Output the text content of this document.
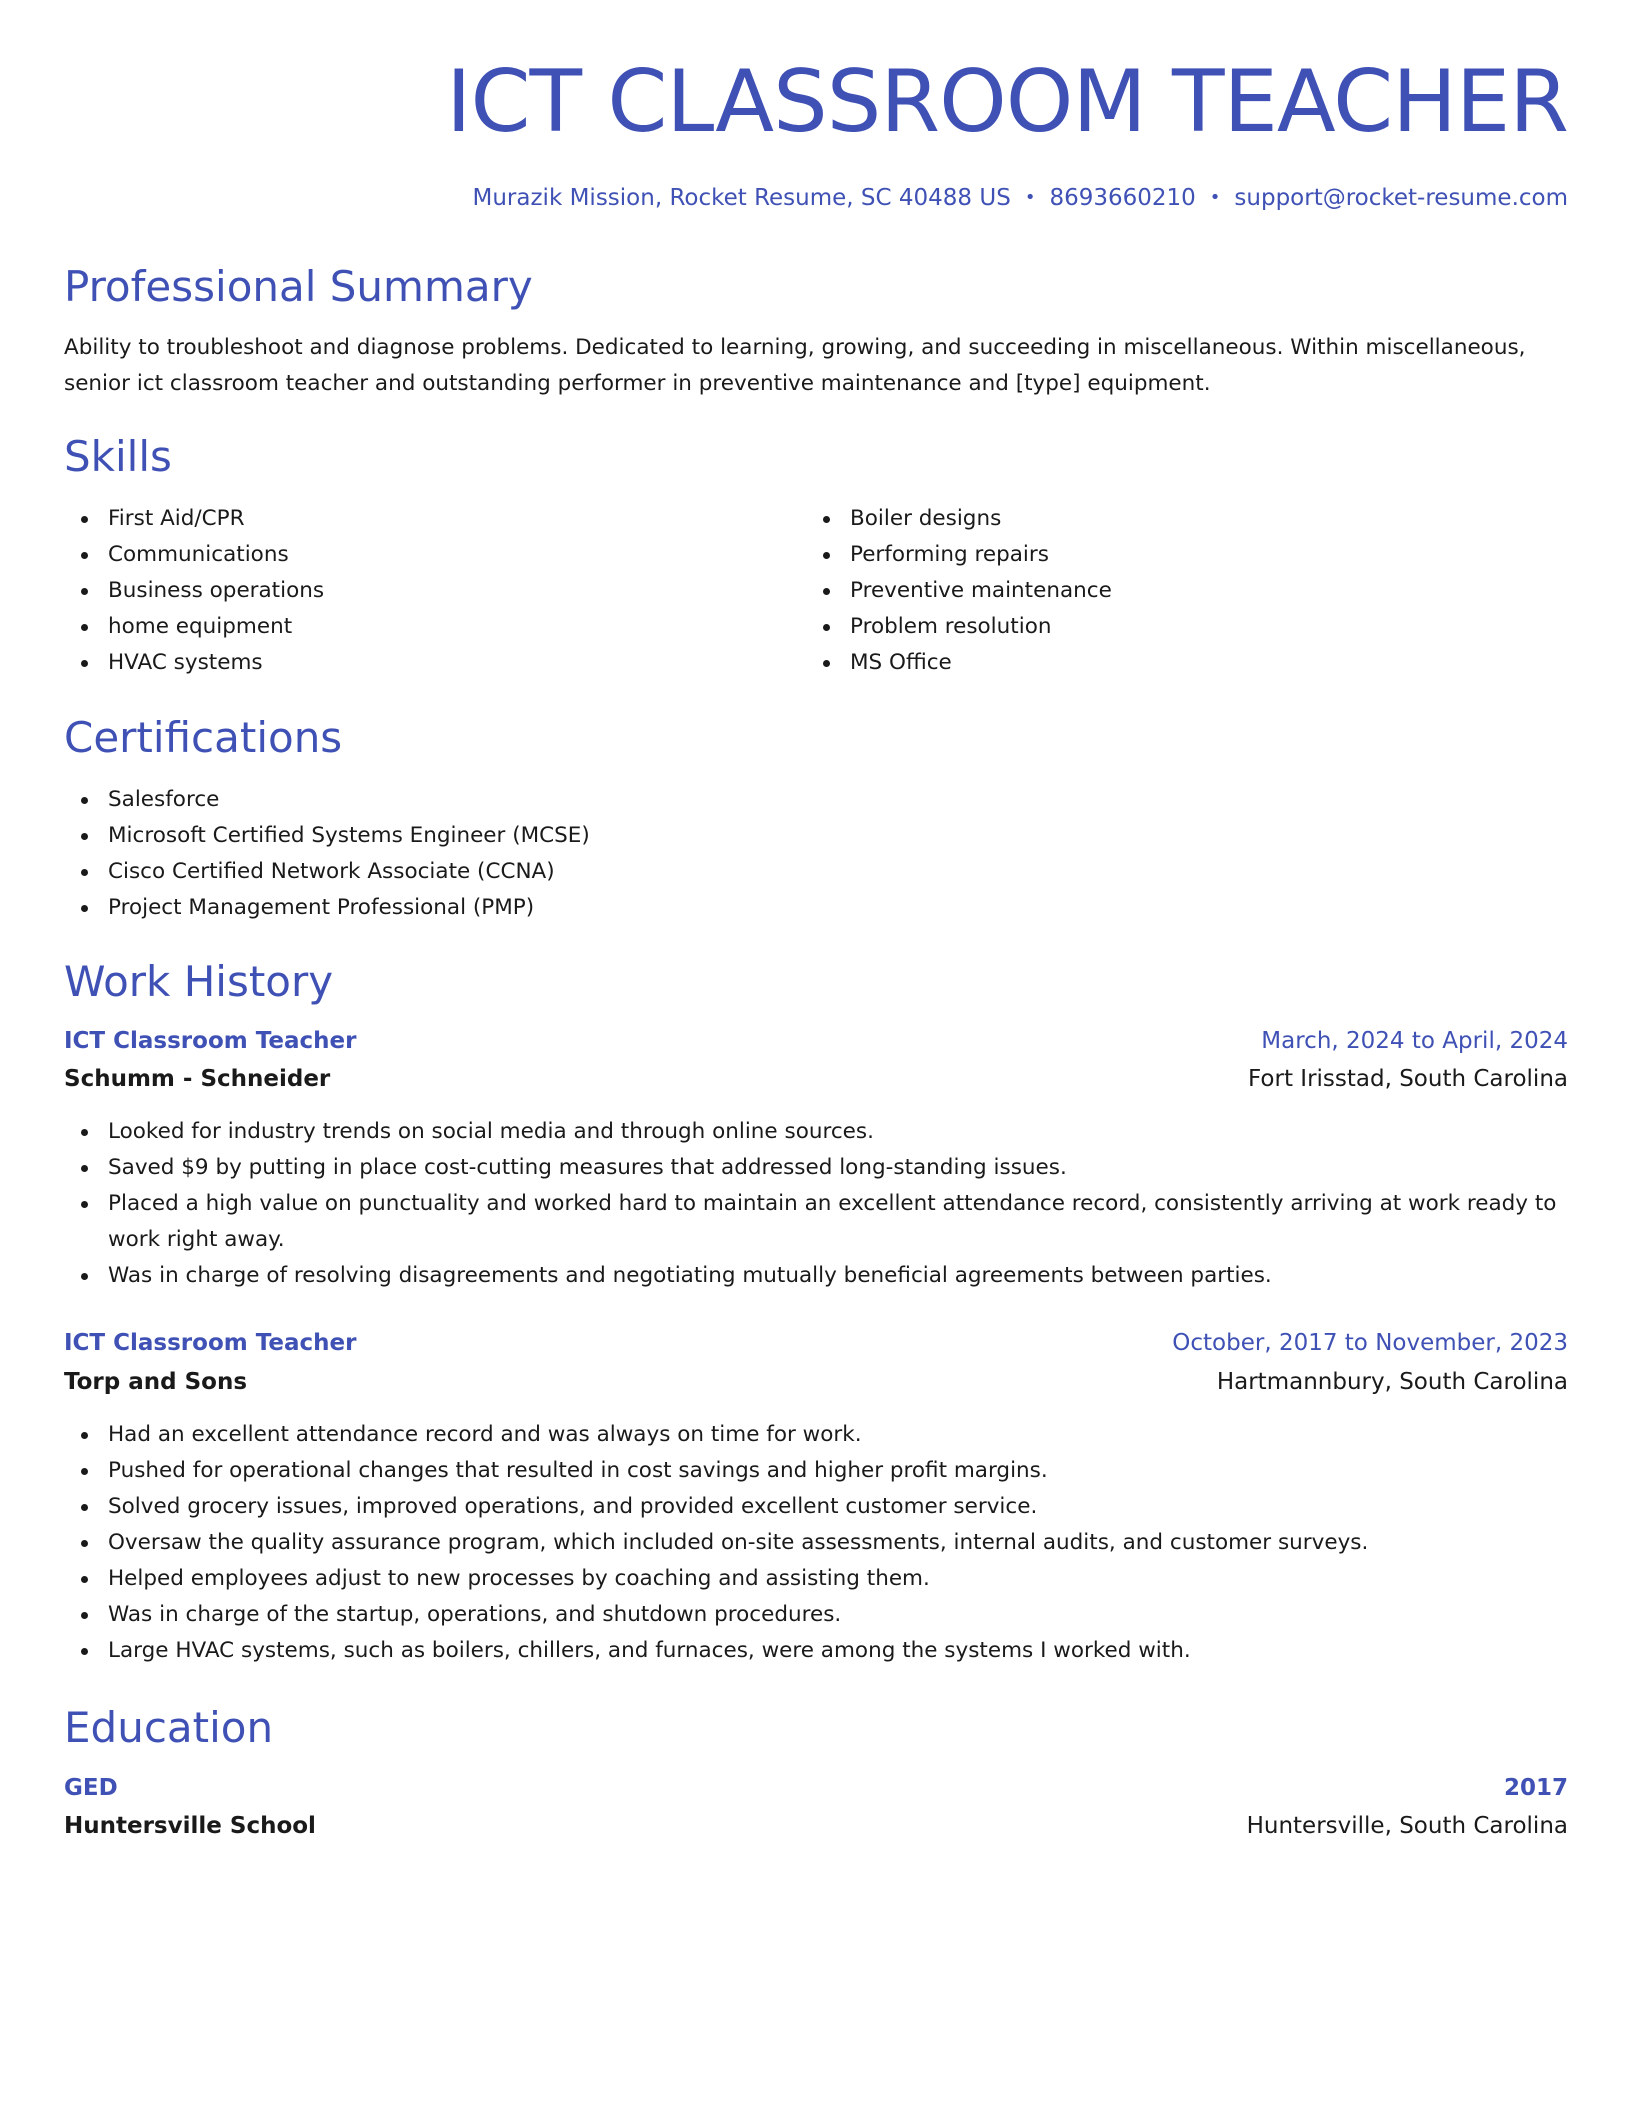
ICT CLASSROOM TEACHER
Murazik Mission, Rocket Resume, SC 40488 US • 8693660210 • support@rocket-resume.com
Professional Summary
Ability to troubleshoot and diagnose problems. Dedicated to learning, growing, and succeeding in miscellaneous. Within miscellaneous, senior ict classroom teacher and outstanding performer in preventive maintenance and [type] equipment.
Skills
First Aid/CPR
Communications
Business operations
home equipment
HVAC systems
Boiler designs
Performing repairs
Preventive maintenance
Problem resolution
MS Office
Certifications
Salesforce
Microsoft Certified Systems Engineer (MCSE)
Cisco Certified Network Associate (CCNA)
Project Management Professional (PMP)
Work History
ICT Classroom Teacher	March, 2024 to April, 2024
Schumm - Schneider	Fort Irisstad, South Carolina
Looked for industry trends on social media and through online sources.
Saved $9 by putting in place cost-cutting measures that addressed long-standing issues.
Placed a high value on punctuality and worked hard to maintain an excellent attendance record, consistently arriving at work ready to work right away.
Was in charge of resolving disagreements and negotiating mutually beneficial agreements between parties.
ICT Classroom Teacher	October, 2017 to November, 2023
Torp and Sons	Hartmannbury, South Carolina
Had an excellent attendance record and was always on time for work.
Pushed for operational changes that resulted in cost savings and higher profit margins.
Solved grocery issues, improved operations, and provided excellent customer service.
Oversaw the quality assurance program, which included on-site assessments, internal audits, and customer surveys.
Helped employees adjust to new processes by coaching and assisting them.
Was in charge of the startup, operations, and shutdown procedures.
Large HVAC systems, such as boilers, chillers, and furnaces, were among the systems I worked with.
Education
GED	2017
Huntersville School	Huntersville, South Carolina
